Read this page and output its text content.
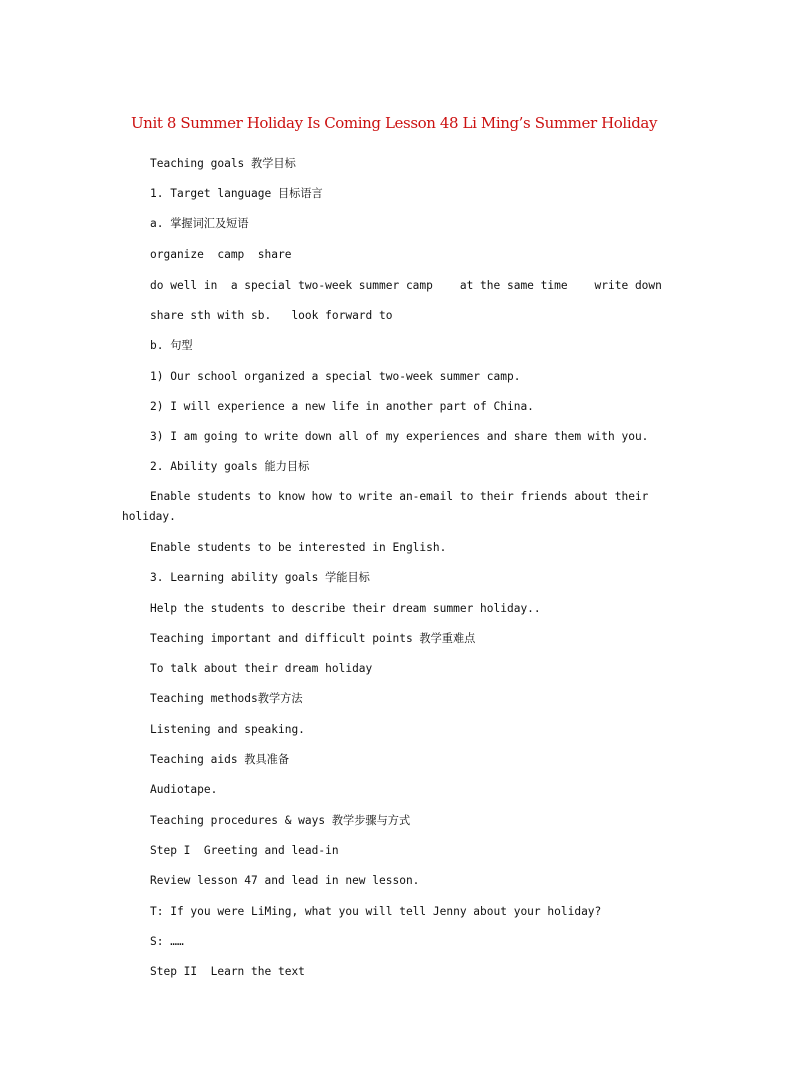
Unit 8 Summer Holiday Is Coming Lesson 48 Li Ming’s Summer Holiday
Teaching goals 教学目标
1. Target language 目标语言
a. 掌握词汇及短语
organize  camp  share
do well in  a special two-week summer camp    at the same time    write down
share sth with sb.   look forward to
b. 句型
1) Our school organized a special two-week summer camp.
2) I will experience a new life in another part of China.
3) I am going to write down all of my experiences and share them with you.
2. Ability goals 能力目标
Enable students to know how to write an-email to their friends about their holiday.
Enable students to be interested in English.
3. Learning ability goals 学能目标
Help the students to describe their dream summer holiday..
Teaching important and difficult points 教学重难点
To talk about their dream holiday
Teaching methods教学方法
Listening and speaking.
Teaching aids 教具准备
Audiotape.
Teaching procedures & ways 教学步骤与方式
Step I  Greeting and lead-in
Review lesson 47 and lead in new lesson.
T: If you were LiMing, what you will tell Jenny about your holiday?
S: ……
Step II  Learn the text
